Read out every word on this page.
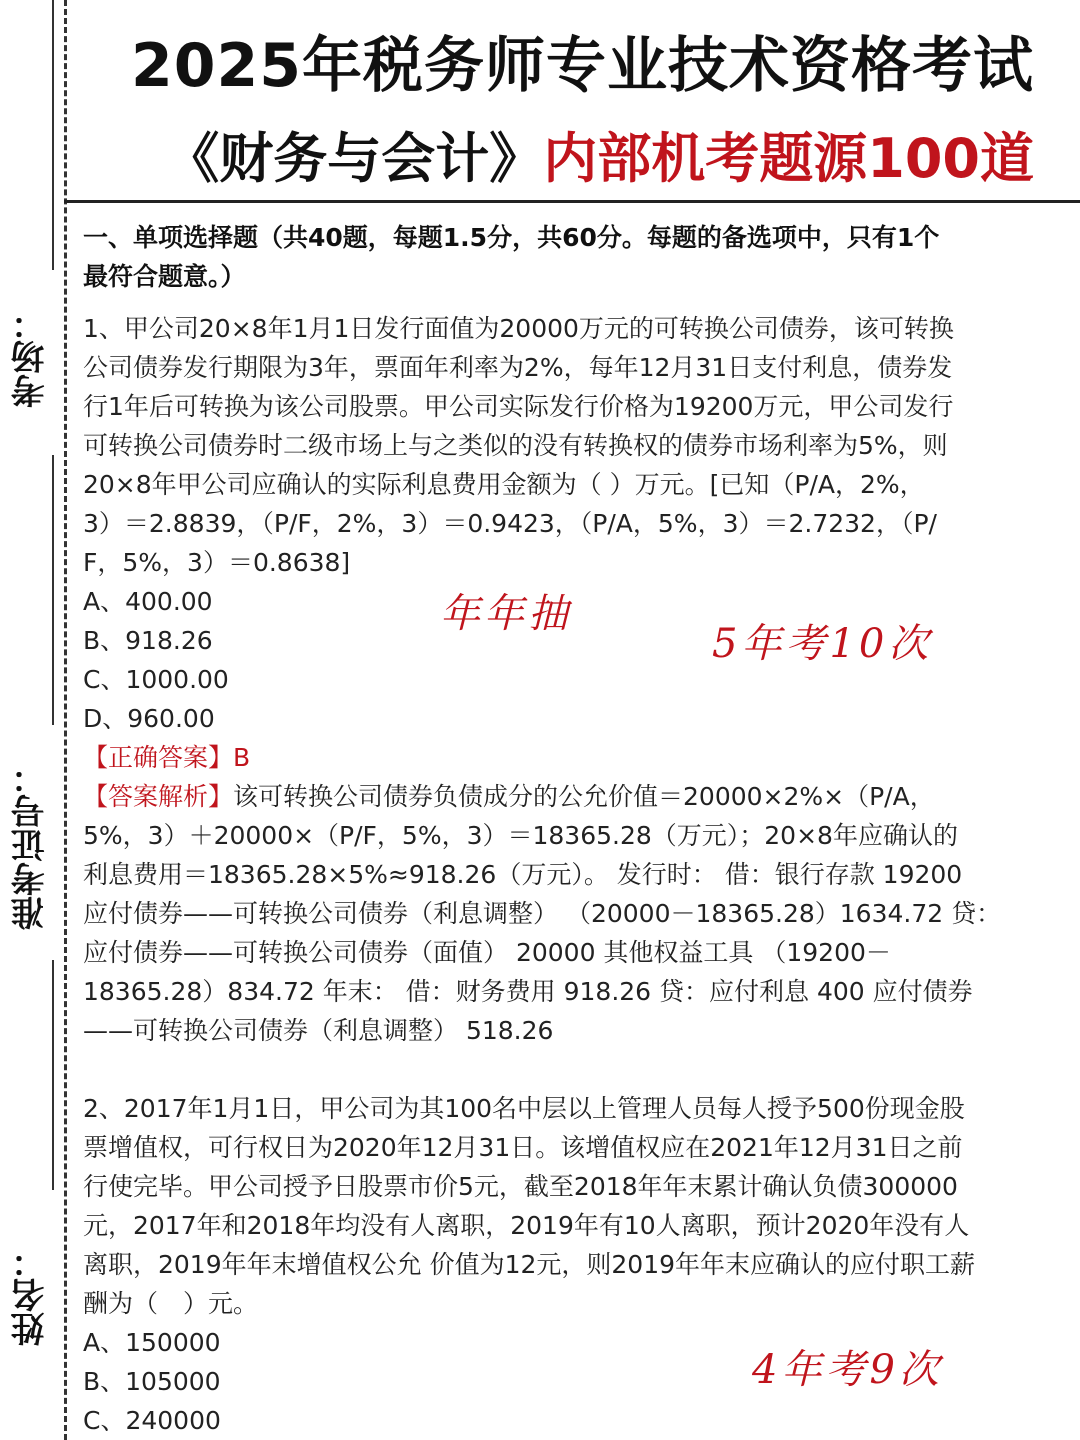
考场：
准考证号：
姓名：
2025年税务师专业技术资格考试
《财务与会计》内部机考题源100道
一、单项选择题（共40题，每题1.5分，共60分。每题的备选项中，只有1个
最符合题意。）
1、甲公司20×8年1月1日发行面值为20000万元的可转换公司债券，该可转换
公司债券发行期限为3年，票面年利率为2%，每年12月31日支付利息，债券发
行1年后可转换为该公司股票。甲公司实际发行价格为19200万元，甲公司发行
可转换公司债券时二级市场上与之类似的没有转换权的债券市场利率为5%，则
20×8年甲公司应确认的实际利息费用金额为（ ）万元。[已知（P/A，2%，
3）＝2.8839，（P/F，2%，3）＝0.9423，（P/A，5%，3）＝2.7232，（P/
F，5%，3）＝0.8638]
A、400.00
B、918.26
C、1000.00
D、960.00
【正确答案】B
【答案解析】该可转换公司债券负债成分的公允价值＝20000×2%×（P/A，
5%，3）＋20000×（P/F，5%，3）＝18365.28（万元）；20×8年应确认的
利息费用＝18365.28×5%≈918.26（万元）。 发行时： 借：银行存款 19200
应付债券——可转换公司债券（利息调整） （20000－18365.28）1634.72 贷：
应付债券——可转换公司债券（面值） 20000 其他权益工具 （19200－
18365.28）834.72 年末： 借：财务费用 918.26 贷：应付利息 400 应付债券
——可转换公司债券（利息调整） 518.26
2、2017年1月1日，甲公司为其100名中层以上管理人员每人授予500份现金股
票增值权，可行权日为2020年12月31日。该增值权应在2021年12月31日之前
行使完毕。甲公司授予日股票市价5元，截至2018年年末累计确认负债300000
元，2017年和2018年均没有人离职，2019年有10人离职，预计2020年没有人
离职，2019年年末增值权公允 价值为12元，则2019年年末应确认的应付职工薪
酬为（　）元。
A、150000
B、105000
C、240000
年年抽
5年考10次
4年考9次
